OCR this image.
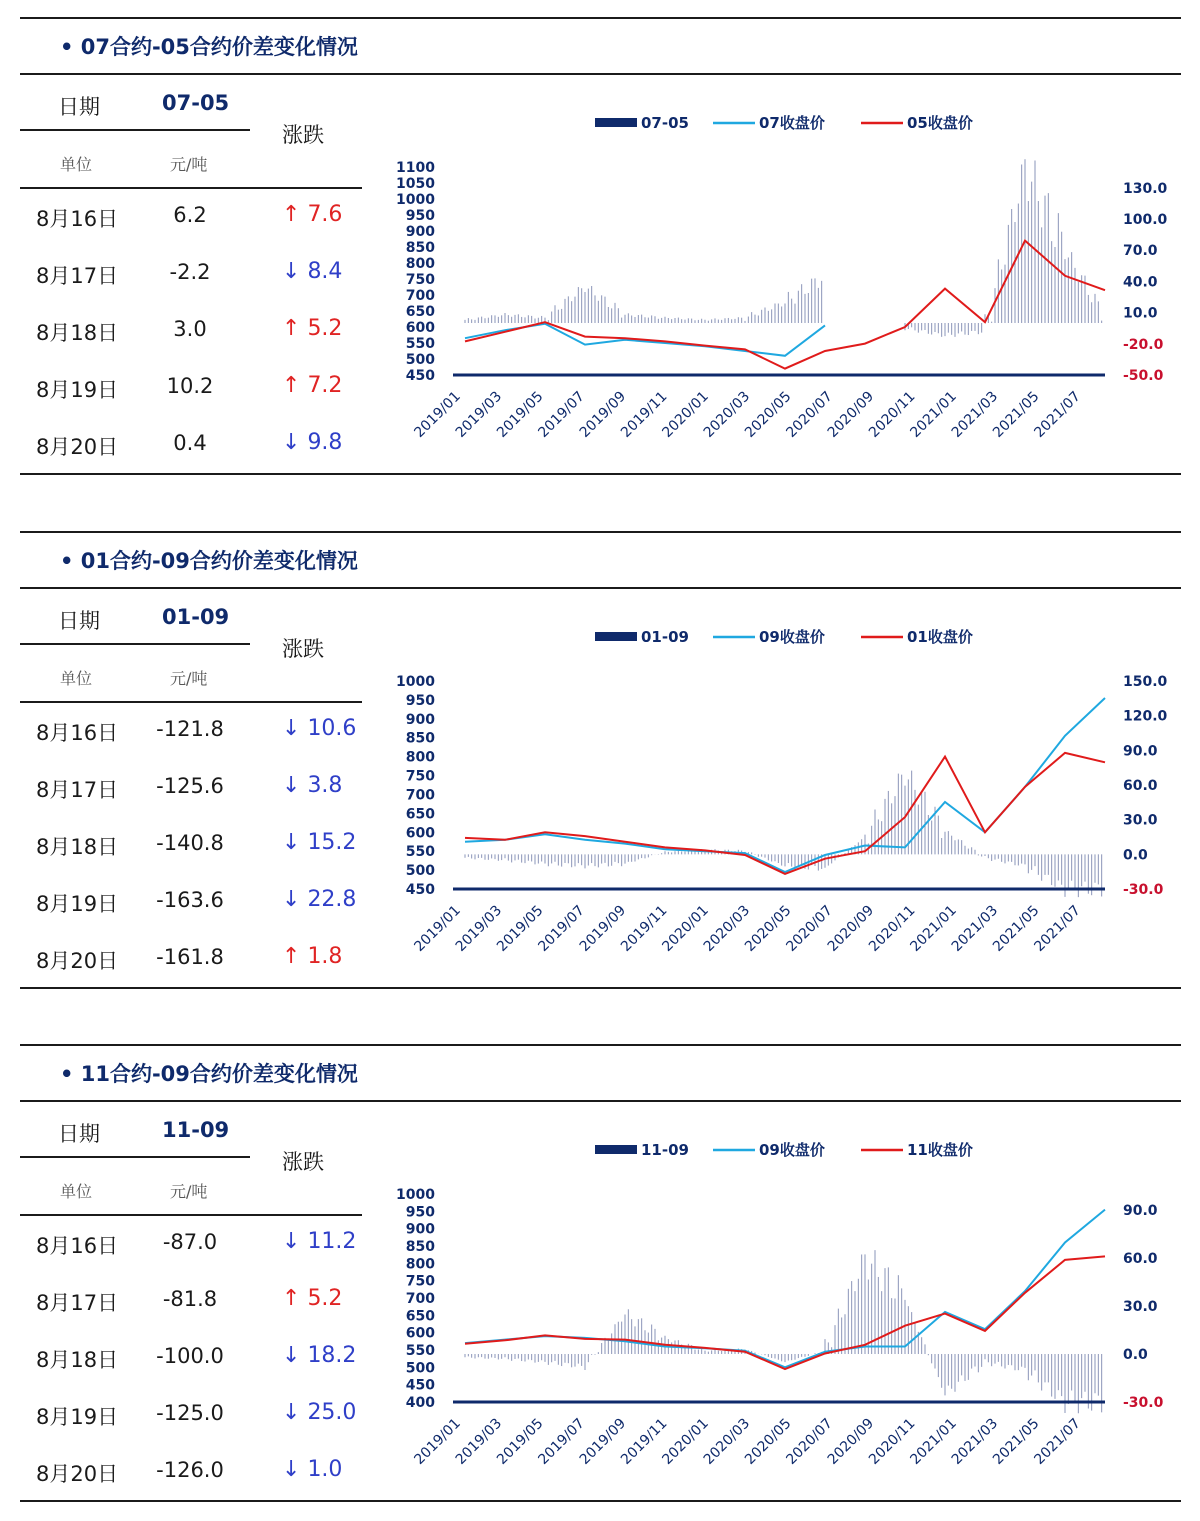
• 07合约-05合约价差变化情况
日期	07-05
涨跌
单位	元/吨
8月16日	6.2	↑ 7.6
8月17日	-2.2	↓ 8.4
8月18日	3.0	↑ 5.2
8月19日	10.2	↑ 7.2
8月20日	0.4	↓ 9.8
07-05	07收盘价	05收盘价
450
500
550
600
650
700
750
800
850
900
950
1000
1050
1100
-50.0
-20.0
10.0
40.0
70.0
100.0
130.0
2019/01
2019/03
2019/05
2019/07
2019/09
2019/11
2020/01
2020/03
2020/05
2020/07
2020/09
2020/11
2021/01
2021/03
2021/05
2021/07
• 01合约-09合约价差变化情况
日期	01-09
涨跌
单位	元/吨
8月16日	-121.8	↓ 10.6
8月17日	-125.6	↓ 3.8
8月18日	-140.8	↓ 15.2
8月19日	-163.6	↓ 22.8
8月20日	-161.8	↑ 1.8
01-09	09收盘价	01收盘价
450
500
550
600
650
700
750
800
850
900
950
1000
-30.0
0.0
30.0
60.0
90.0
120.0
150.0
2019/01
2019/03
2019/05
2019/07
2019/09
2019/11
2020/01
2020/03
2020/05
2020/07
2020/09
2020/11
2021/01
2021/03
2021/05
2021/07
• 11合约-09合约价差变化情况
日期	11-09
涨跌
单位	元/吨
8月16日	-87.0	↓ 11.2
8月17日	-81.8	↑ 5.2
8月18日	-100.0	↓ 18.2
8月19日	-125.0	↓ 25.0
8月20日	-126.0	↓ 1.0
11-09	09收盘价	11收盘价
400
450
500
550
600
650
700
750
800
850
900
950
1000
-30.0
0.0
30.0
60.0
90.0
2019/01
2019/03
2019/05
2019/07
2019/09
2019/11
2020/01
2020/03
2020/05
2020/07
2020/09
2020/11
2021/01
2021/03
2021/05
2021/07
